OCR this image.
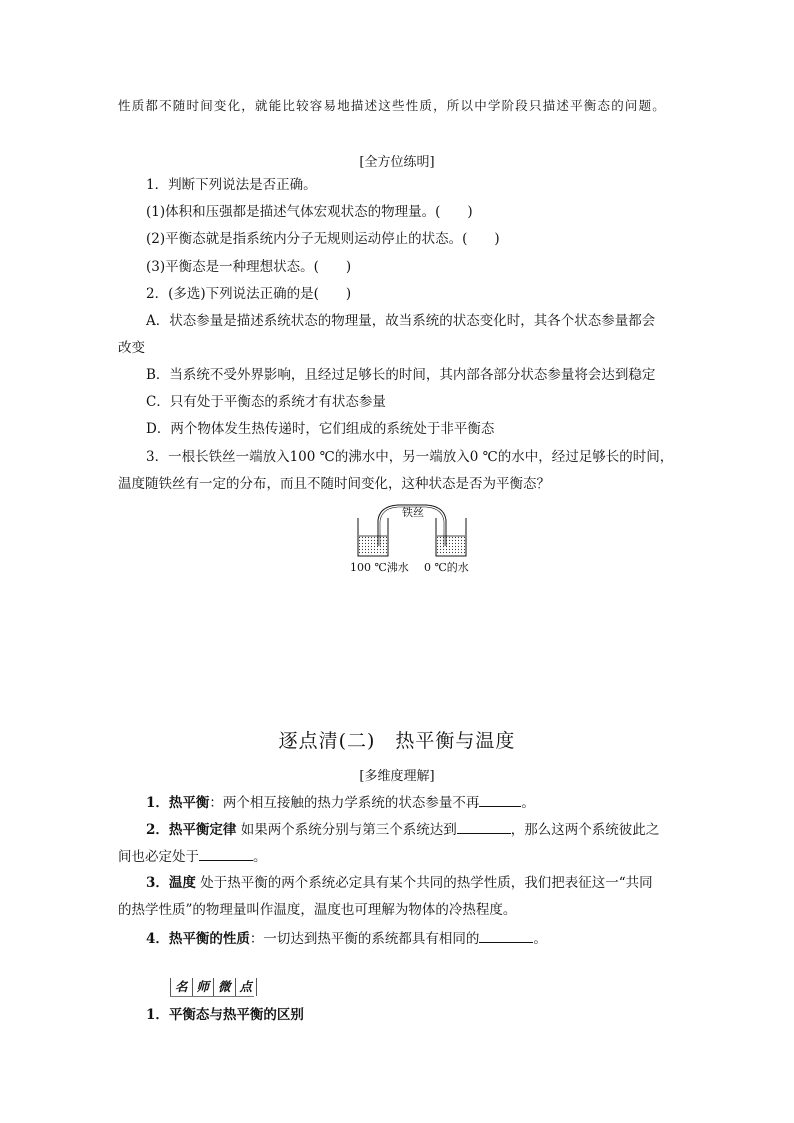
性质都不随时间变化，就能比较容易地描述这些性质，所以中学阶段只描述平衡态的问题。
[全方位练明]
1．判断下列说法是否正确。
(1)体积和压强都是描述气体宏观状态的物理量。(　　)
(2)平衡态就是指系统内分子无规则运动停止的状态。(　　)
(3)平衡态是一种理想状态。(　　)
2．(多选)下列说法正确的是(　　)
A．状态参量是描述系统状态的物理量，故当系统的状态变化时，其各个状态参量都会
改变
B．当系统不受外界影响，且经过足够长的时间，其内部各部分状态参量将会达到稳定
C．只有处于平衡态的系统才有状态参量
D．两个物体发生热传递时，它们组成的系统处于非平衡态
3．一根长铁丝一端放入100 ℃的沸水中，另一端放入0 ℃的水中，经过足够长的时间，
温度随铁丝有一定的分布，而且不随时间变化，这种状态是否为平衡态？
铁丝
100 ℃沸水 0 ℃的水
逐点清(二)　热平衡与温度
[多维度理解]
1．热平衡：两个相互接触的热力学系统的状态参量不再	。
2．热平衡定律 如果两个系统分别与第三个系统达到	，那么这两个系统彼此之
间也必定处于	。
3．温度 处于热平衡的两个系统必定具有某个共同的热学性质，我们把表征这一“共同
的热学性质”的物理量叫作温度，温度也可理解为物体的冷热程度。
4．热平衡的性质：一切达到热平衡的系统都具有相同的	。
名 师 微 点
1．平衡态与热平衡的区别
